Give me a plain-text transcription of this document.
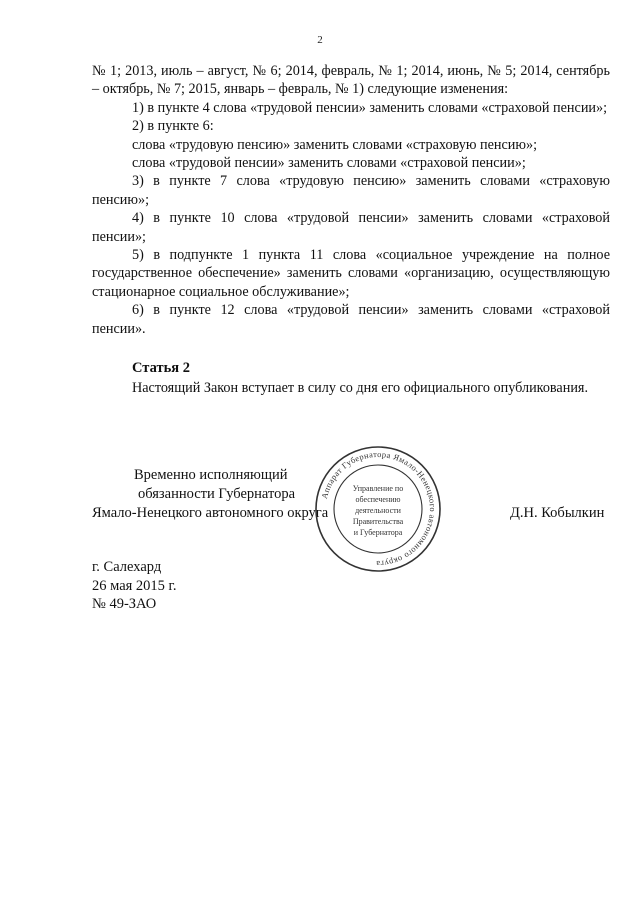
2

№ 1; 2013, июль – август, № 6; 2014, февраль, № 1; 2014, июнь, № 5; 2014, сентябрь – октябрь, № 7; 2015, январь – февраль, № 1) следующие изменения:

1) в пункте 4 слова «трудовой пенсии» заменить словами «страховой пенсии»;

2) в пункте 6:

слова «трудовую пенсию» заменить словами «страховую пенсию»;

слова «трудовой пенсии» заменить словами «страховой пенсии»;

3) в пункте 7 слова «трудовую пенсию» заменить словами «страховую пенсию»;

4) в пункте 10 слова «трудовой пенсии» заменить словами «страховой пенсии»;

5) в подпункте 1 пункта 11 слова «социальное учреждение на полное государственное обеспечение» заменить словами «организацию, осуществляющую стационарное социальное обслуживание»;

6) в пункте 12 слова «трудовой пенсии» заменить словами «страховой пенсии».

Статья 2
Настоящий Закон вступает в силу со дня его официального опубликования.
Временно исполняющий
обязанности Губернатора
Ямало-Ненецкого автономного округа	Д.Н. Кобылкин
Аппарат Губернатора Ямало-Ненецкого автономного округа
Управление по
обеспечению
деятельности
Правительства
и Губернатора
г. Салехард
26 мая 2015 г.
№ 49-ЗАО
